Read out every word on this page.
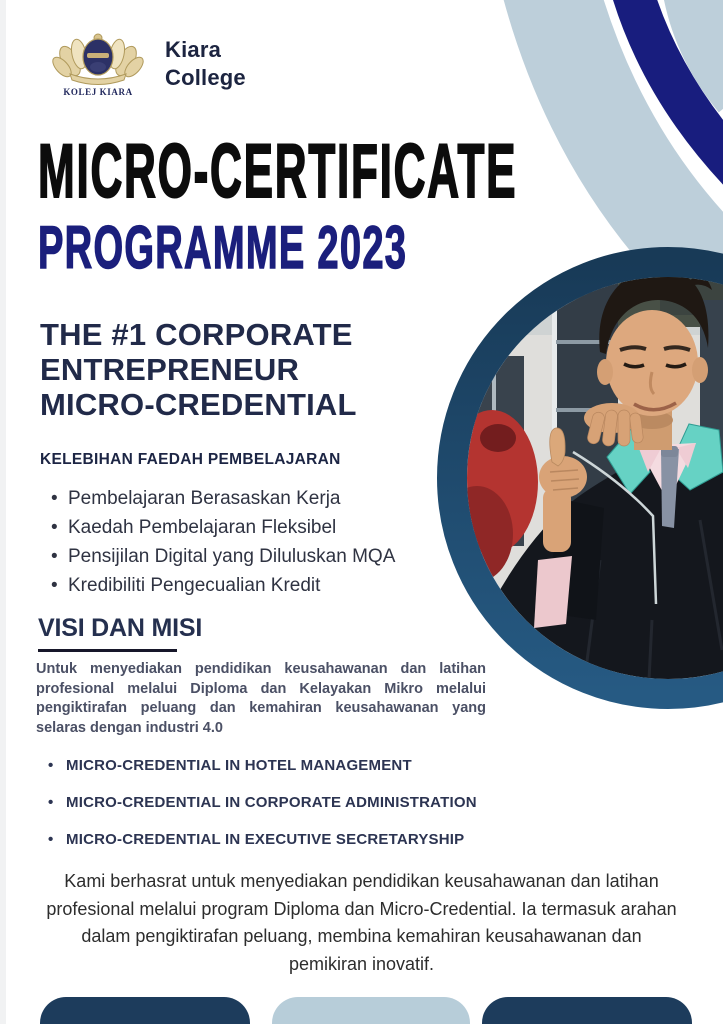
KOLEJ KIARA
Kiara
College
MICRO-CERTIFICATE
PROGRAMME 2023
THE #1 CORPORATE
ENTREPRENEUR
MICRO-CREDENTIAL
KELEBIHAN FAEDAH PEMBELAJARAN
• Pembelajaran Berasaskan Kerja
• Kaedah Pembelajaran Fleksibel
• Pensijilan Digital yang Diluluskan MQA
• Kredibiliti Pengecualian Kredit
VISI DAN MISI

Untuk menyediakan pendidikan keusahawanan dan latihan profesional melalui Diploma dan Kelayakan Mikro melalui pengiktirafan peluang dan kemahiran keusahawanan yang selaras dengan industri 4.0

• MICRO-CREDENTIAL IN HOTEL MANAGEMENT
• MICRO-CREDENTIAL IN CORPORATE ADMINISTRATION
• MICRO-CREDENTIAL IN EXECUTIVE SECRETARYSHIP

Kami berhasrat untuk menyediakan pendidikan keusahawanan dan latihan profesional melalui program Diploma dan Micro-Credential. Ia termasuk arahan dalam pengiktirafan peluang, membina kemahiran keusahawanan dan pemikiran inovatif.
